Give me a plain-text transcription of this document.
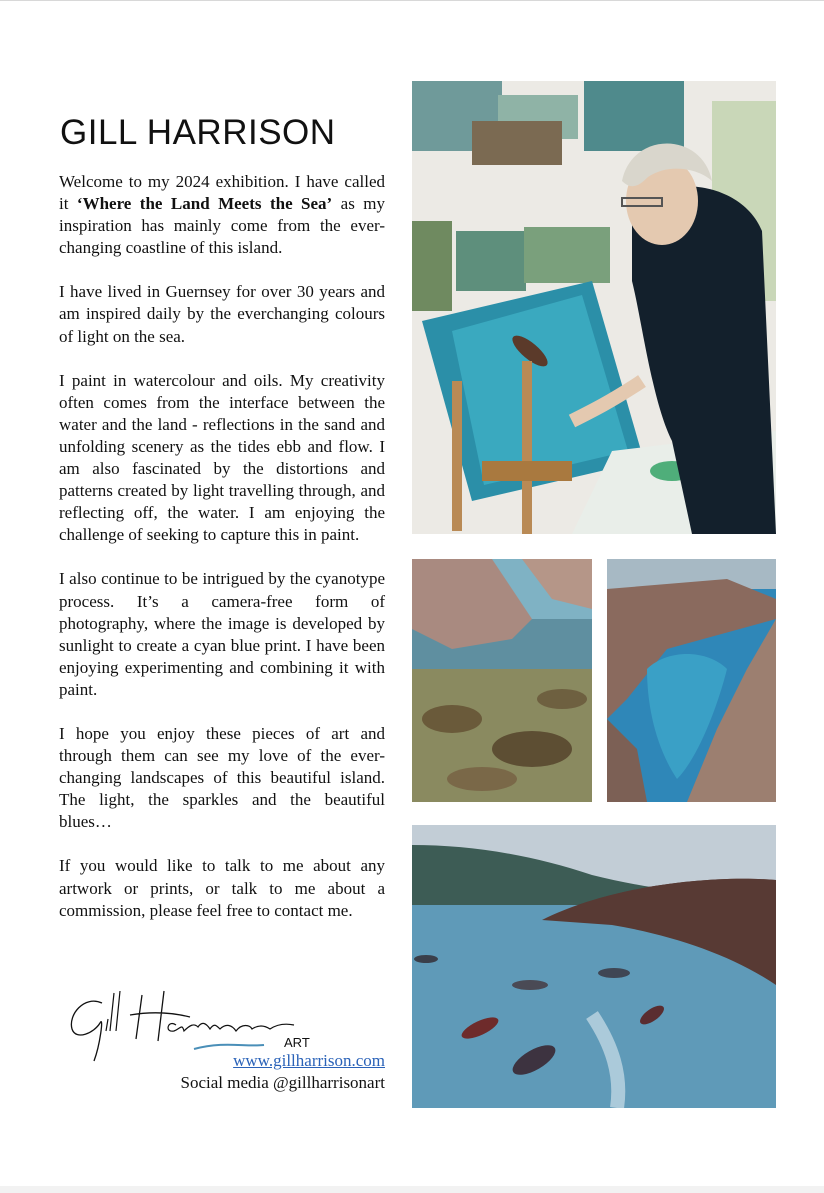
GILL HARRISON

Welcome to my 2024 exhibition. I have called it ‘Where the Land Meets the Sea’ as my inspiration has mainly come from the ever-changing coastline of this island.

I have lived in Guernsey for over 30 years and am inspired daily by the everchanging colours of light on the sea.

I paint in watercolour and oils. My creativity often comes from the interface between the water and the land - reflections in the sand and unfolding scenery as the tides ebb and flow. I am also fascinated by the distortions and patterns created by light travelling through, and reflecting off, the water. I am enjoying the challenge of seeking to capture this in paint.

I also continue to be intrigued by the cyanotype process. It’s a camera-free form of photography, where the image is developed by sunlight to create a cyan blue print. I have been enjoying experimenting and combining it with paint.

I hope you enjoy these pieces of art and through them can see my love of the ever-changing landscapes of this beautiful island. The light, the sparkles and the beautiful blues…

If you would like to talk to me about any artwork or prints, or talk to me about a commission, please feel free to contact me.

ART
www.gillharrison.com
Social media @gillharrisonart
